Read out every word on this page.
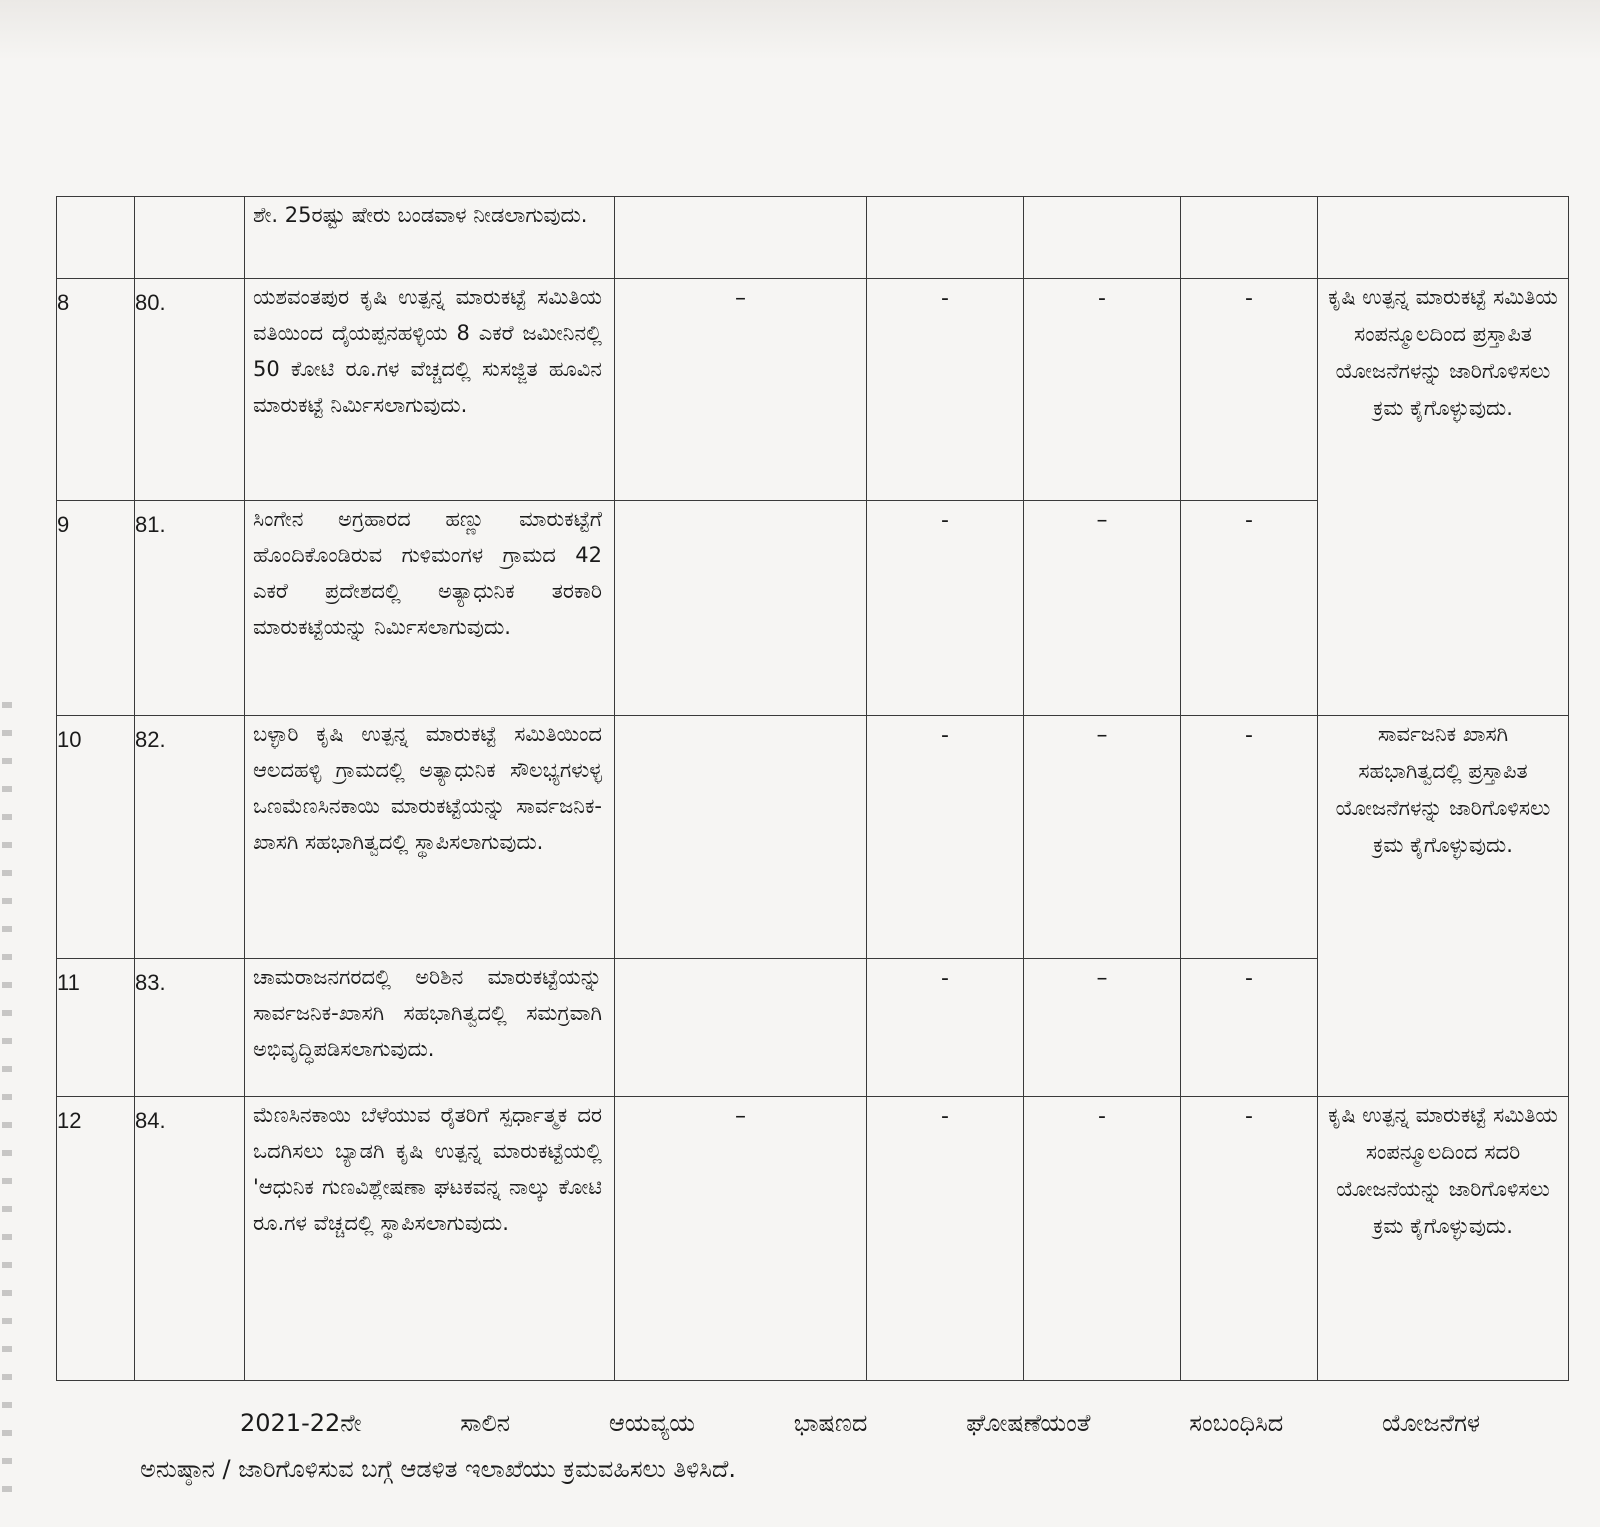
		ಶೇ. 25ರಷ್ಟು ಷೇರು ಬಂಡವಾಳ ನೀಡಲಾಗುವುದು.					

8	80.	ಯಶವಂತಪುರ ಕೃಷಿ ಉತ್ಪನ್ನ ಮಾರುಕಟ್ಟೆ ಸಮಿತಿಯ ವತಿಯಿಂದ ದೈಯಪ್ಪನಹಳ್ಳಿಯ 8 ಎಕರೆ ಜಮೀನಿನಲ್ಲಿ 50 ಕೋಟಿ ರೂ.ಗಳ ವೆಚ್ಚದಲ್ಲಿ ಸುಸಜ್ಜಿತ ಹೂವಿನ ಮಾರುಕಟ್ಟೆ ನಿರ್ಮಿಸಲಾಗುವುದು.	–	-	-	-	ಕೃಷಿ ಉತ್ಪನ್ನ ಮಾರುಕಟ್ಟೆ ಸಮಿತಿಯ ಸಂಪನ್ಮೂಲದಿಂದ ಪ್ರಸ್ತಾಪಿತ ಯೋಜನೆಗಳನ್ನು ಜಾರಿಗೊಳಿಸಲು ಕ್ರಮ ಕೈಗೊಳ್ಳುವುದು.

9	81.	ಸಿಂಗೇನ ಅಗ್ರಹಾರದ ಹಣ್ಣು ಮಾರುಕಟ್ಟೆಗೆ ಹೊಂದಿಕೊಂಡಿರುವ ಗುಳಿಮಂಗಳ ಗ್ರಾಮದ 42 ಎಕರೆ ಪ್ರದೇಶದಲ್ಲಿ ಅತ್ಯಾಧುನಿಕ ತರಕಾರಿ ಮಾರುಕಟ್ಟೆಯನ್ನು ನಿರ್ಮಿಸಲಾಗುವುದು.		-	–	-	

10	82.	ಬಳ್ಳಾರಿ ಕೃಷಿ ಉತ್ಪನ್ನ ಮಾರುಕಟ್ಟೆ ಸಮಿತಿಯಿಂದ ಆಲದಹಳ್ಳಿ ಗ್ರಾಮದಲ್ಲಿ ಅತ್ಯಾಧುನಿಕ ಸೌಲಭ್ಯಗಳುಳ್ಳ ಒಣಮೆಣಸಿನಕಾಯಿ ಮಾರುಕಟ್ಟೆಯನ್ನು ಸಾರ್ವಜನಿಕ-ಖಾಸಗಿ ಸಹಭಾಗಿತ್ವದಲ್ಲಿ ಸ್ಥಾಪಿಸಲಾಗುವುದು.		-	–	-	ಸಾರ್ವಜನಿಕ ಖಾಸಗಿ ಸಹಭಾಗಿತ್ವದಲ್ಲಿ ಪ್ರಸ್ತಾಪಿತ ಯೋಜನೆಗಳನ್ನು ಜಾರಿಗೊಳಿಸಲು ಕ್ರಮ ಕೈಗೊಳ್ಳುವುದು.

11	83.	ಚಾಮರಾಜನಗರದಲ್ಲಿ ಅರಿಶಿನ ಮಾರುಕಟ್ಟೆಯನ್ನು ಸಾರ್ವಜನಿಕ-ಖಾಸಗಿ ಸಹಭಾಗಿತ್ವದಲ್ಲಿ ಸಮಗ್ರವಾಗಿ ಅಭಿವೃದ್ಧಿಪಡಿಸಲಾಗುವುದು.		-	–	-	

12	84.	ಮೆಣಸಿನಕಾಯಿ ಬೆಳೆಯುವ ರೈತರಿಗೆ ಸ್ಪರ್ಧಾತ್ಮಕ ದರ ಒದಗಿಸಲು ಬ್ಯಾಡಗಿ ಕೃಷಿ ಉತ್ಪನ್ನ ಮಾರುಕಟ್ಟೆಯಲ್ಲಿ 'ಆಧುನಿಕ ಗುಣವಿಶ್ಲೇಷಣಾ ಘಟಕವನ್ನ ನಾಲ್ಕು ಕೋಟಿ ರೂ.ಗಳ ವೆಚ್ಚದಲ್ಲಿ ಸ್ಥಾಪಿಸಲಾಗುವುದು.	–	-	-	-	ಕೃಷಿ ಉತ್ಪನ್ನ ಮಾರುಕಟ್ಟೆ ಸಮಿತಿಯ ಸಂಪನ್ಮೂಲದಿಂದ ಸದರಿ ಯೋಜನೆಯನ್ನು ಜಾರಿಗೊಳಿಸಲು ಕ್ರಮ ಕೈಗೊಳ್ಳುವುದು.
2021-22ನೇ ಸಾಲಿನ ಆಯವ್ಯಯ ಭಾಷಣದ ಘೋಷಣೆಯಂತೆ ಸಂಬಂಧಿಸಿದ ಯೋಜನೆಗಳ
ಅನುಷ್ಠಾನ / ಜಾರಿಗೊಳಿಸುವ ಬಗ್ಗೆ ಆಡಳಿತ ಇಲಾಖೆಯು ಕ್ರಮವಹಿಸಲು ತಿಳಿಸಿದೆ.
